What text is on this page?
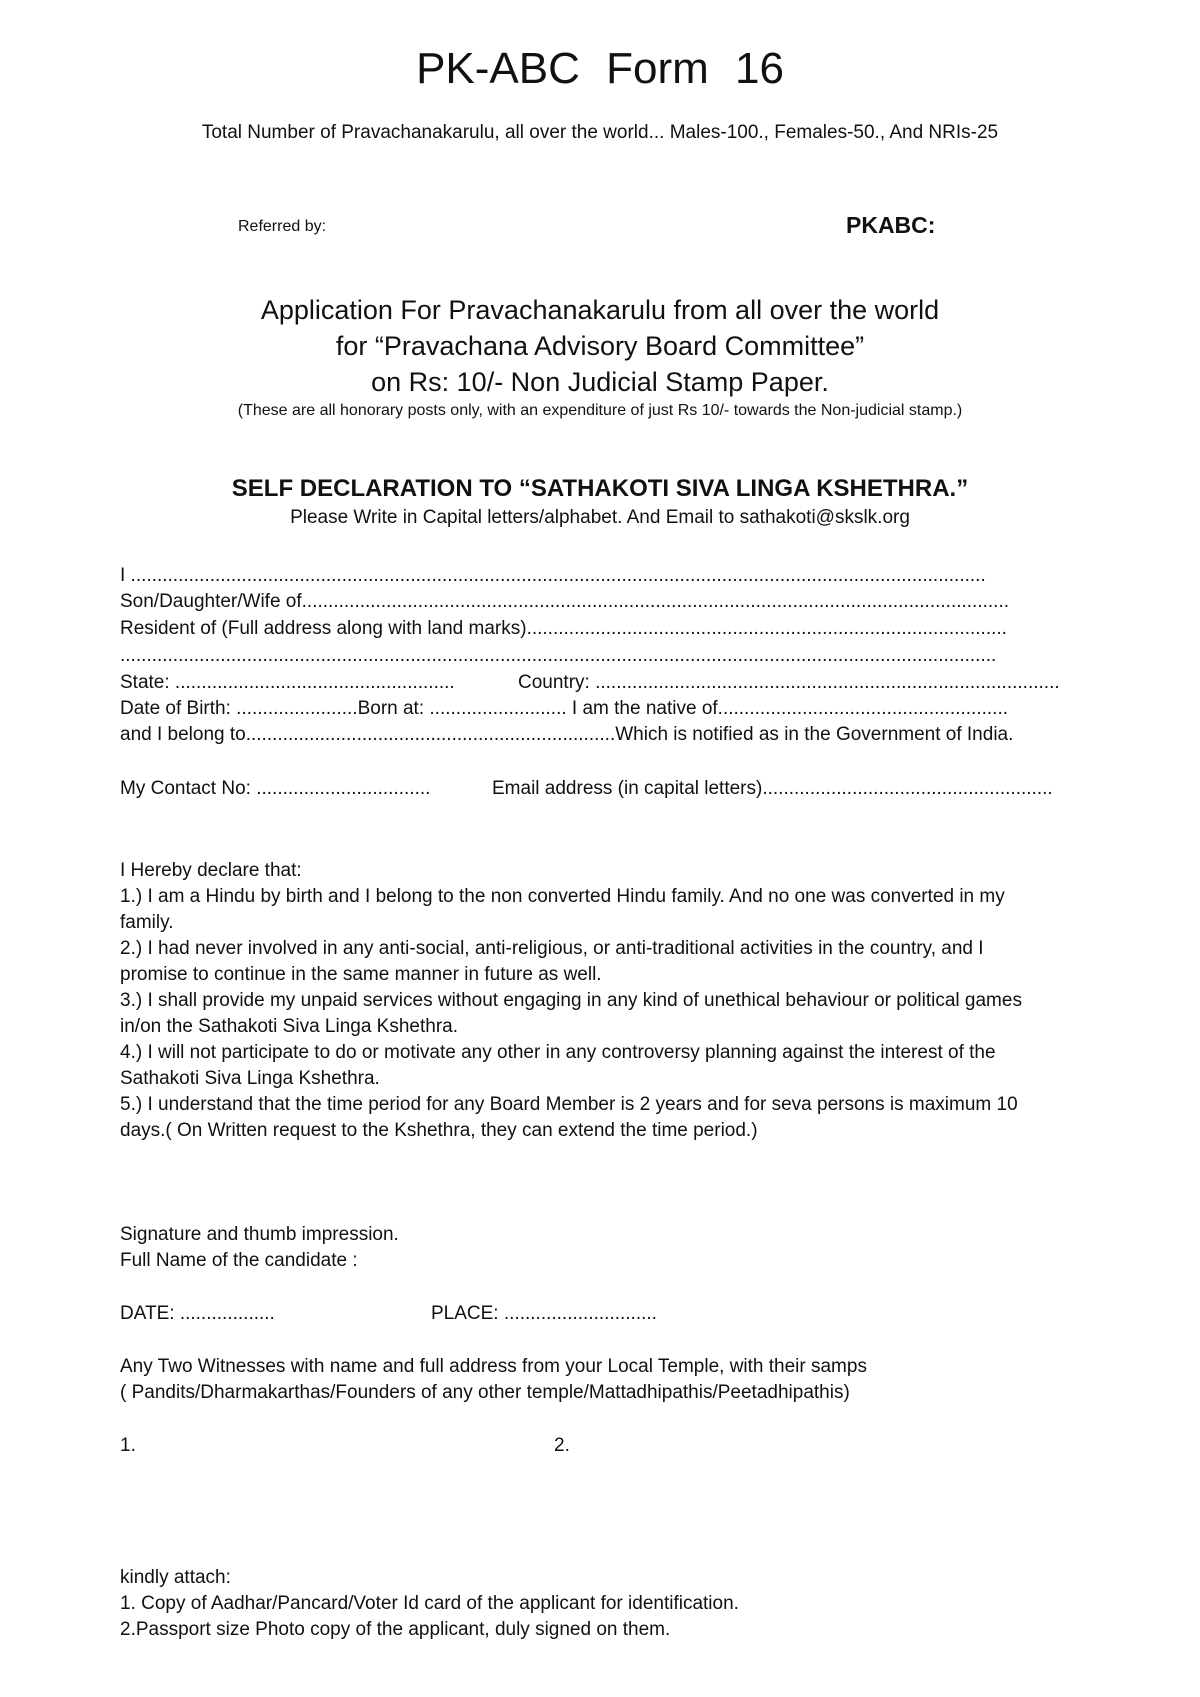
PK-ABC Form 16
Total Number of Pravachanakarulu, all over the world... Males-100., Females-50., And NRIs-25
Referred by:	PKABC:
Application For Pravachanakarulu from all over the world
for “Pravachana Advisory Board Committee”
on Rs: 10/- Non Judicial Stamp Paper.
(These are all honorary posts only, with an expenditure of just Rs 10/- towards the Non-judicial stamp.)
SELF DECLARATION TO “SATHAKOTI SIVA LINGA KSHETHRA.”
Please Write in Capital letters/alphabet. And Email to sathakoti@skslk.org
I ..................................................................................................................................................................
Son/Daughter/Wife of......................................................................................................................................
Resident of (Full address along with land marks)...........................................................................................
......................................................................................................................................................................
State: .....................................................	Country: ........................................................................................
Date of Birth: .......................Born at: .......................... I am the native of.......................................................
and I belong to......................................................................Which is notified as in the Government of India.
My Contact No: .................................	Email address (in capital letters).......................................................
I Hereby declare that:
1.) I am a Hindu by birth and I belong to the non converted Hindu family. And no one was converted in my
family.
2.) I had never involved in any anti-social, anti-religious, or anti-traditional activities in the country, and I
promise to continue in the same manner in future as well.
3.) I shall provide my unpaid services without engaging in any kind of unethical behaviour or political games
in/on the Sathakoti Siva Linga Kshethra.
4.) I will not participate to do or motivate any other in any controversy planning against the interest of the
Sathakoti Siva Linga Kshethra.
5.) I understand that the time period for any Board Member is 2 years and for seva persons is maximum 10
days.( On Written request to the Kshethra, they can extend the time period.)
Signature and thumb impression.
Full Name of the candidate :
DATE: ..................	PLACE: .............................
Any Two Witnesses with name and full address from your Local Temple, with their samps
( Pandits/Dharmakarthas/Founders of any other temple/Mattadhipathis/Peetadhipathis)
1.	2.
kindly attach:
1. Copy of Aadhar/Pancard/Voter Id card of the applicant for identification.
2.Passport size Photo copy of the applicant, duly signed on them.
